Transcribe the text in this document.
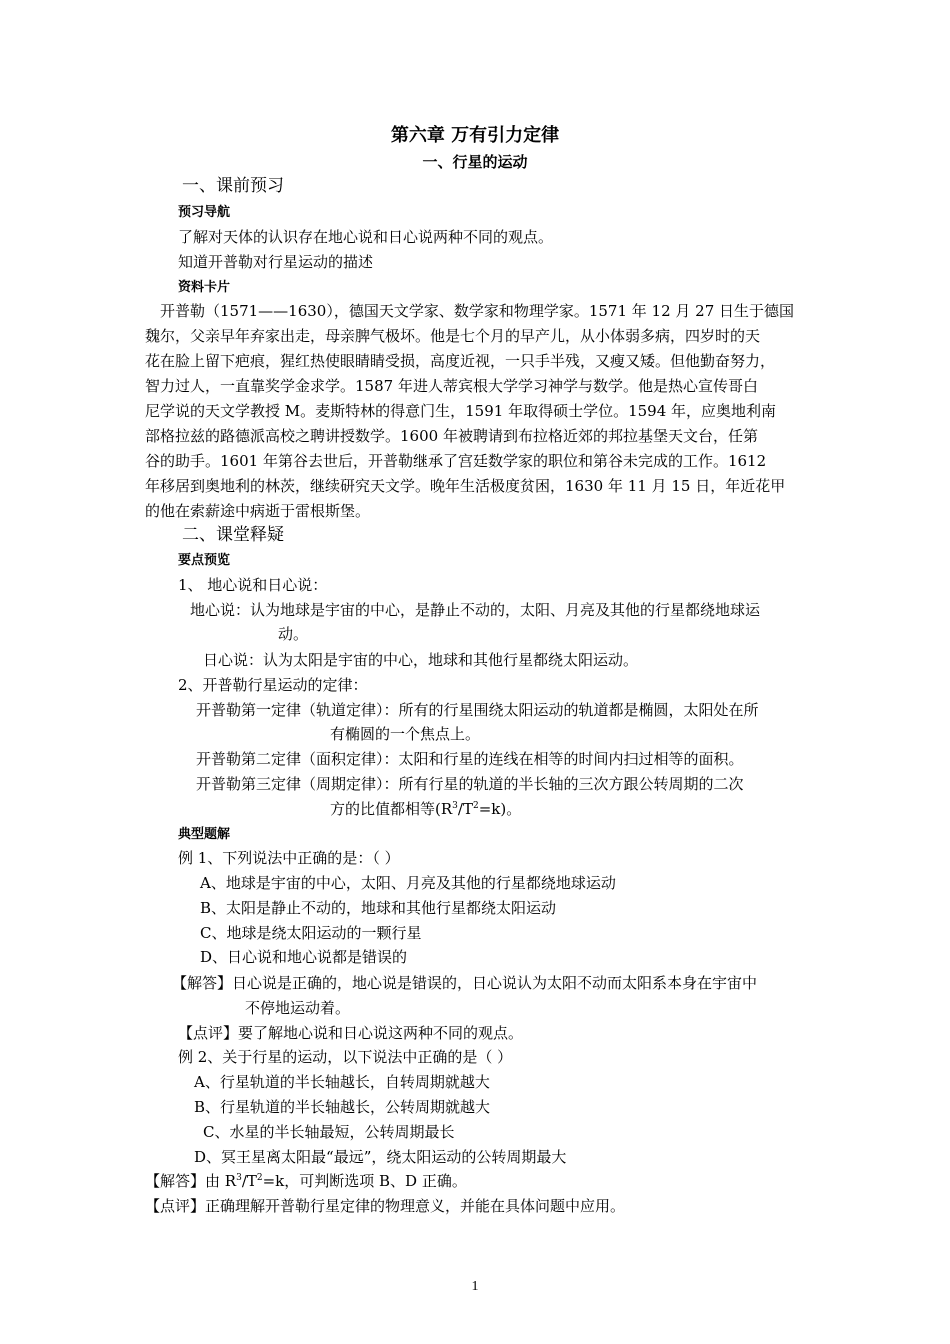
第六章 万有引力定律
一、行星的运动
一、课前预习
预习导航
了解对天体的认识存在地心说和日心说两种不同的观点。
知道开普勒对行星运动的描述
资料卡片
开普勒（1571——1630），德国天文学家、数学家和物理学家。1571 年 12 月 27 日生于德国
魏尔，父亲早年弃家出走，母亲脾气极坏。他是七个月的早产儿，从小体弱多病，四岁时的天
花在脸上留下疤痕，猩红热使眼睛睛受损，高度近视，一只手半残，又瘦又矮。但他勤奋努力，
智力过人，一直靠奖学金求学。1587 年进人蒂宾根大学学习神学与数学。他是热心宣传哥白
尼学说的天文学教授 M。麦斯特林的得意门生，1591 年取得硕士学位。1594 年，应奥地利南
部格拉兹的路德派高校之聘讲授数学。1600 年被聘请到布拉格近郊的邦拉基堡天文台，任第
谷的助手。1601 年第谷去世后，开普勒继承了宫廷数学家的职位和第谷未完成的工作。1612
年移居到奥地利的林茨，继续研究天文学。晚年生活极度贫困，1630 年 11 月 15 日，年近花甲
的他在索薪途中病逝于雷根斯堡。
二、课堂释疑
要点预览
1、 地心说和日心说：
地心说：认为地球是宇宙的中心，是静止不动的，太阳、月亮及其他的行星都绕地球运
动。
日心说：认为太阳是宇宙的中心，地球和其他行星都绕太阳运动。
2、开普勒行星运动的定律：
开普勒第一定律（轨道定律）：所有的行星围绕太阳运动的轨道都是椭圆，太阳处在所
有椭圆的一个焦点上。
开普勒第二定律（面积定律）：太阳和行星的连线在相等的时间内扫过相等的面积。
开普勒第三定律（周期定律）：所有行星的轨道的半长轴的三次方跟公转周期的二次
方的比值都相等$(R^3/T^2=k)$。
典型题解
例 1、下列说法中正确的是：（ ）
A、地球是宇宙的中心，太阳、月亮及其他的行星都绕地球运动
B、太阳是静止不动的，地球和其他行星都绕太阳运动
C、地球是绕太阳运动的一颗行星
D、日心说和地心说都是错误的
【解答】日心说是正确的，地心说是错误的，日心说认为太阳不动而太阳系本身在宇宙中
不停地运动着。
【点评】要了解地心说和日心说这两种不同的观点。
例 2、关于行星的运动，以下说法中正确的是（ ）
A、行星轨道的半长轴越长，自转周期就越大
B、行星轨道的半长轴越长，公转周期就越大
C、水星的半长轴最短，公转周期最长
D、冥王星离太阳最“最远”，绕太阳运动的公转周期最大
【解答】由 $R^3/T^2=k$，可判断选项 B、D 正确。
【点评】正确理解开普勒行星定律的物理意义，并能在具体问题中应用。
1
